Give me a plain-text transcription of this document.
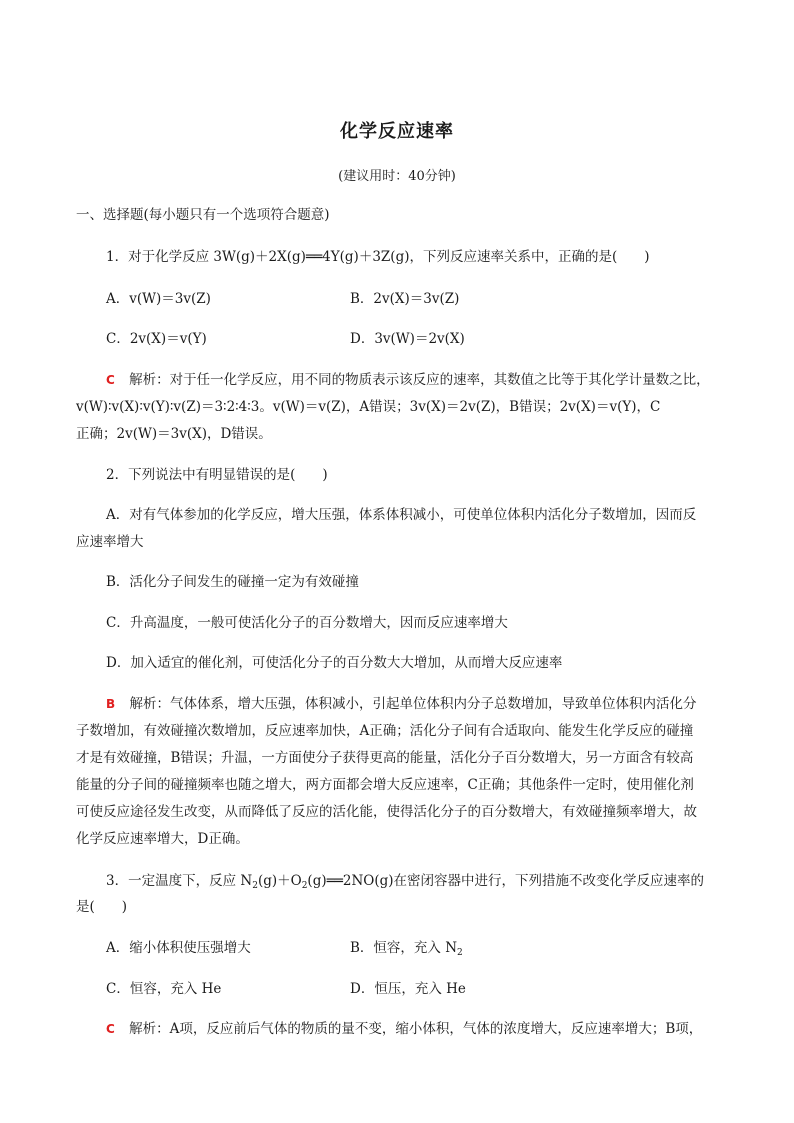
化学反应速率
(建议用时：40分钟)
一、选择题(每小题只有一个选项符合题意)
1．对于化学反应 3W(g)＋2X(g)══4Y(g)＋3Z(g)，下列反应速率关系中，正确的是(　　)
A．v(W)＝3v(Z)	B．2v(X)＝3v(Z)
C．2v(X)＝v(Y)	D．3v(W)＝2v(X)
C 解析：对于任一化学反应，用不同的物质表示该反应的速率，其数值之比等于其化学计量数之比，
v(W)∶v(X)∶v(Y)∶v(Z)＝3∶2∶4∶3。v(W)＝v(Z)，A错误；3v(X)＝2v(Z)，B错误；2v(X)＝v(Y)，C
正确；2v(W)＝3v(X)，D错误。
2．下列说法中有明显错误的是(　　)
A．对有气体参加的化学反应，增大压强，体系体积减小，可使单位体积内活化分子数增加，因而反
应速率增大
B．活化分子间发生的碰撞一定为有效碰撞
C．升高温度，一般可使活化分子的百分数增大，因而反应速率增大
D．加入适宜的催化剂，可使活化分子的百分数大大增加，从而增大反应速率
B 解析：气体体系，增大压强，体积减小，引起单位体积内分子总数增加，导致单位体积内活化分
子数增加，有效碰撞次数增加，反应速率加快，A正确；活化分子间有合适取向、能发生化学反应的碰撞
才是有效碰撞，B错误；升温，一方面使分子获得更高的能量，活化分子百分数增大，另一方面含有较高
能量的分子间的碰撞频率也随之增大，两方面都会增大反应速率，C正确；其他条件一定时，使用催化剂
可使反应途径发生改变，从而降低了反应的活化能，使得活化分子的百分数增大，有效碰撞频率增大，故
化学反应速率增大，D正确。
3．一定温度下，反应 $N_2(g)+O_2(g)══2NO(g)$在密闭容器中进行，下列措施不改变化学反应速率的
是(　　)
A．缩小体积使压强增大	B．恒容，充入 $N_2$
C．恒容，充入 He	D．恒压，充入 He
C 解析：A项，反应前后气体的物质的量不变，缩小体积，气体的浓度增大，反应速率增大；B项，
